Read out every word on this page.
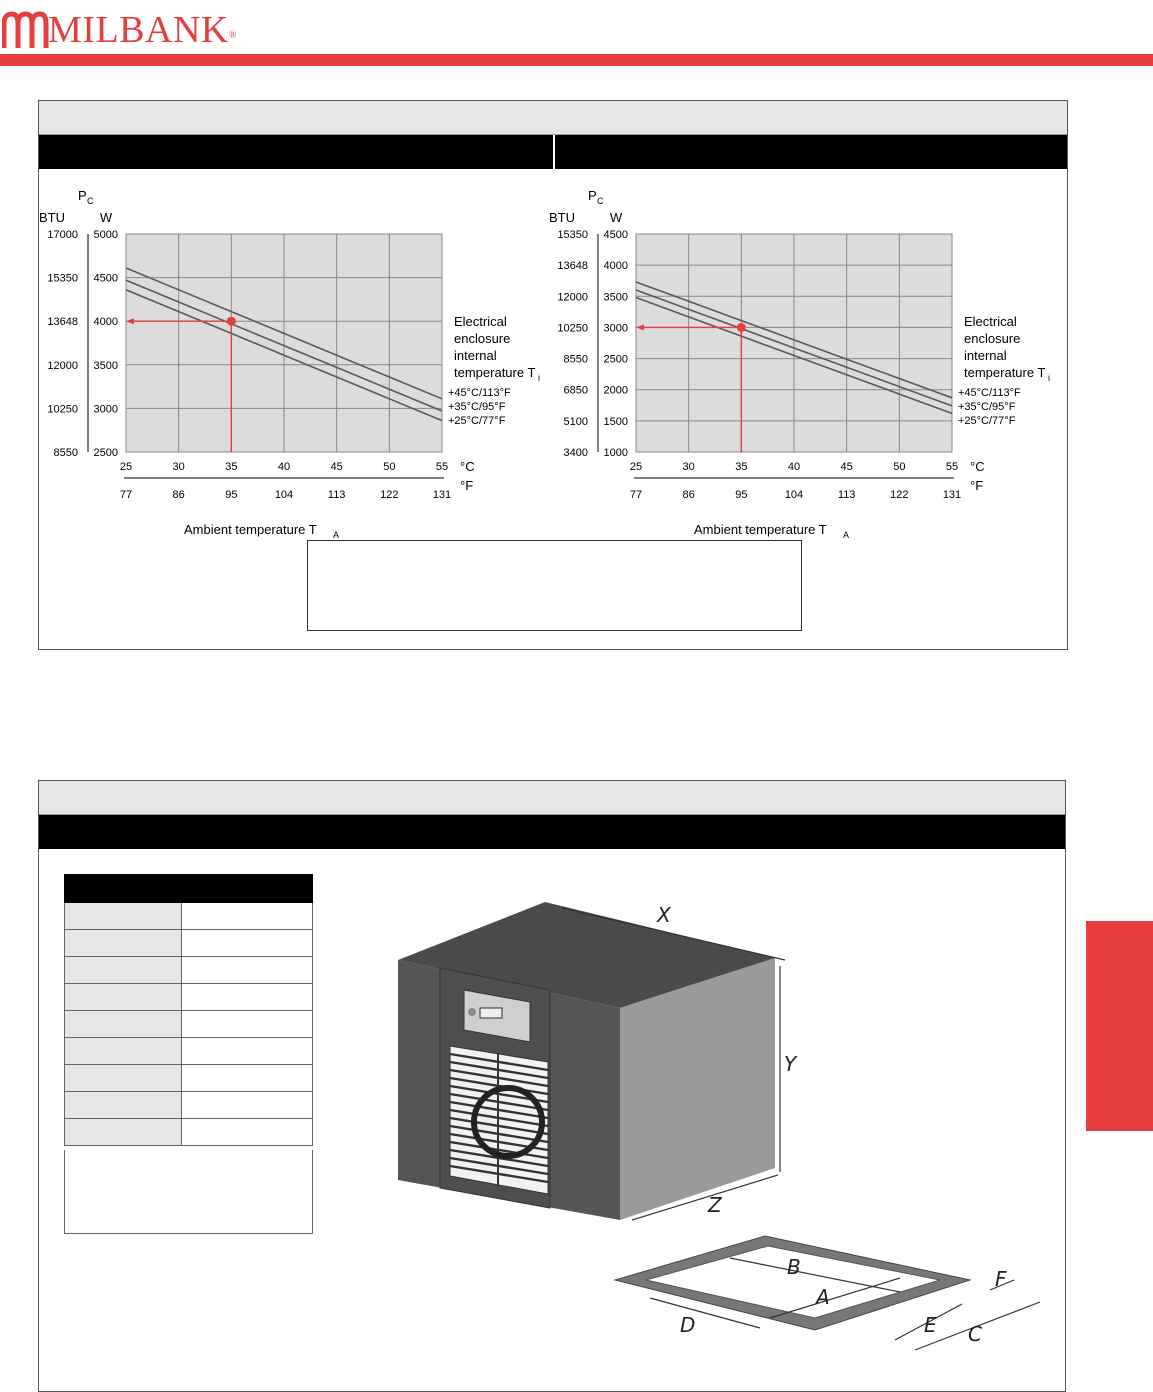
MILBANK®
5000
17000
4500
15350
4000
13648
3500
12000
3000
10250
2500
8550
BTU	W
P C
25
77
30
86
35
95
40
104
45
113
50
122
55
131
°C
°F
Ambient temperature T A
+45°C/113°F
+35°C/95°F
+25°C/77°F
Electrical
enclosure
internal
temperature T i
4500
15350
4000
13648
3500
12000
3000
10250
2500
8550
2000
6850
1500
5100
1000
3400
BTU	W
P C
25
77
30
86
35
95
40
104
45
113
50
122
55
131
°C
°F
Ambient temperature T A
+45°C/113°F
+35°C/95°F
+25°C/77°F
Electrical
enclosure
internal
temperature T i

X
Y
Z
B
A
F
D	E C
